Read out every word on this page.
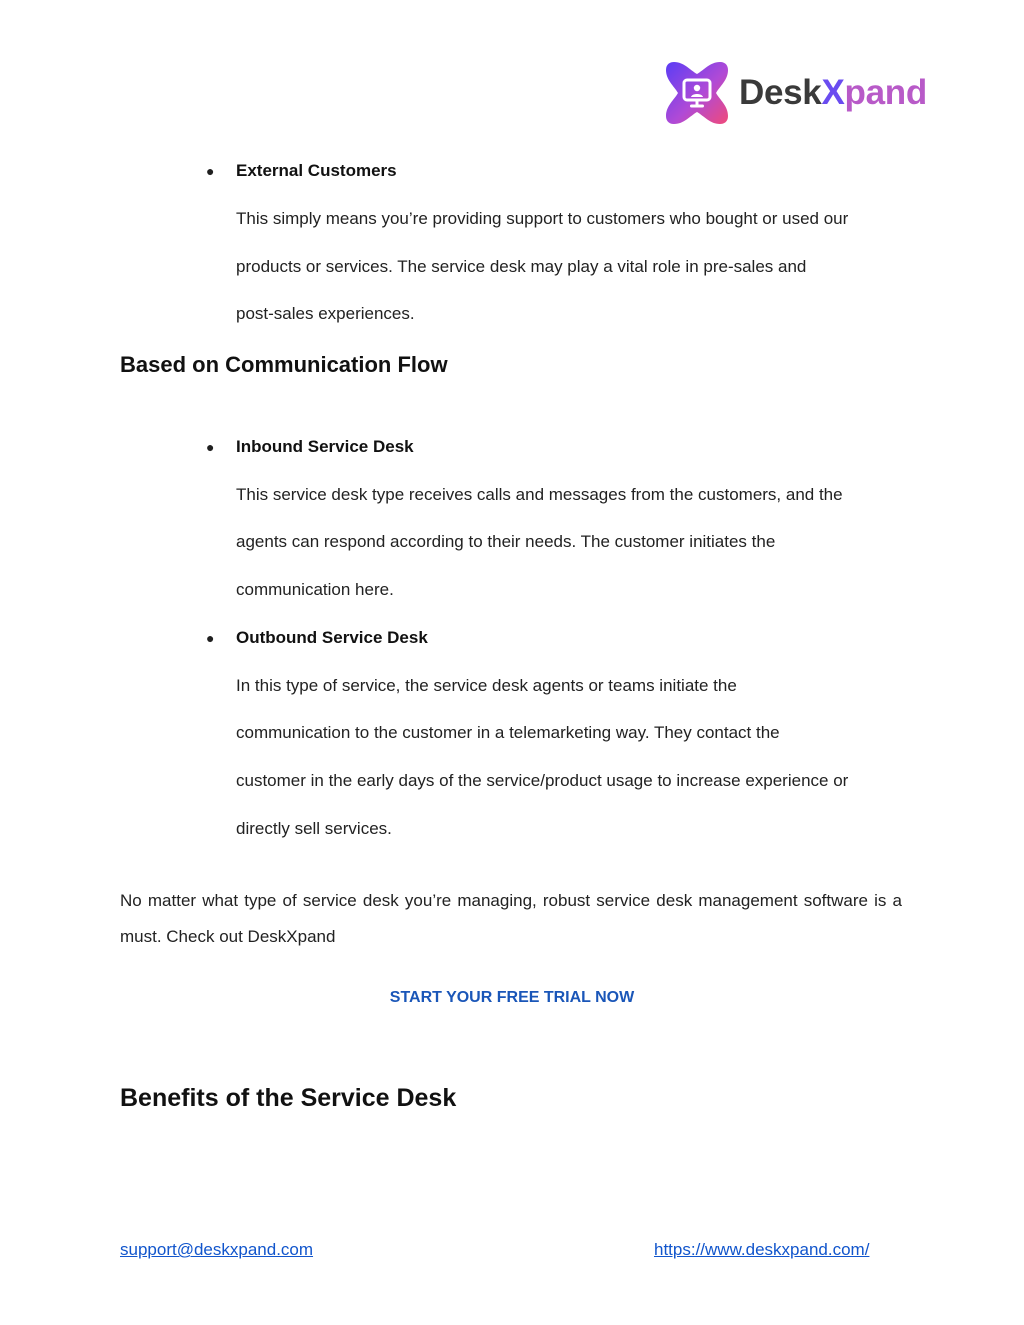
DeskXpand
●	External Customers
This simply means you’re providing support to customers who bought or used our
products or services. The service desk may play a vital role in pre-sales and
post-sales experiences.
Based on Communication Flow
●	Inbound Service Desk
This service desk type receives calls and messages from the customers, and the
agents can respond according to their needs. The customer initiates the
communication here.
●	Outbound Service Desk
In this type of service, the service desk agents or teams initiate the
communication to the customer in a telemarketing way. They contact the
customer in the early days of the service/product usage to increase experience or
directly sell services.
No matter what type of service desk you’re managing, robust service desk management software is a must. Check out DeskXpand
START YOUR FREE TRIAL NOW
Benefits of the Service Desk
support@deskxpand.com	https://www.deskxpand.com/
